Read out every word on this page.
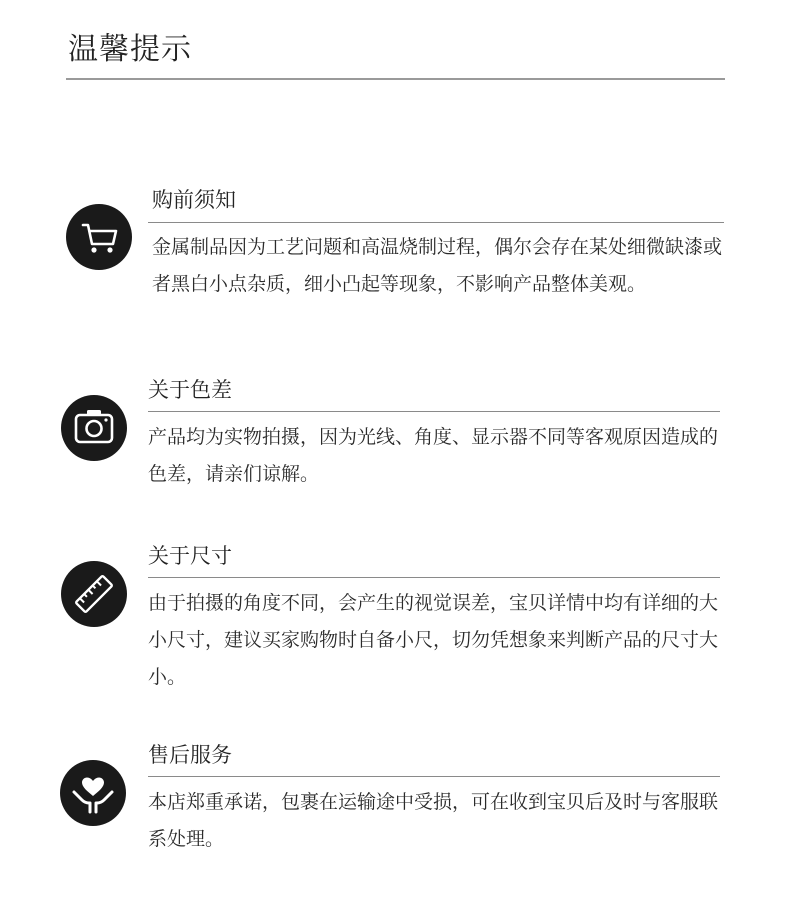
温馨提示
购前须知
金属制品因为工艺问题和高温烧制过程，偶尔会存在某处细微缺漆或者黑白小点杂质，细小凸起等现象，不影响产品整体美观。
关于色差
产品均为实物拍摄，因为光线、角度、显示器不同等客观原因造成的色差，请亲们谅解。
关于尺寸
由于拍摄的角度不同，会产生的视觉误差，宝贝详情中均有详细的大小尺寸，建议买家购物时自备小尺，切勿凭想象来判断产品的尺寸大小。
售后服务
本店郑重承诺，包裹在运输途中受损，可在收到宝贝后及时与客服联系处理。
